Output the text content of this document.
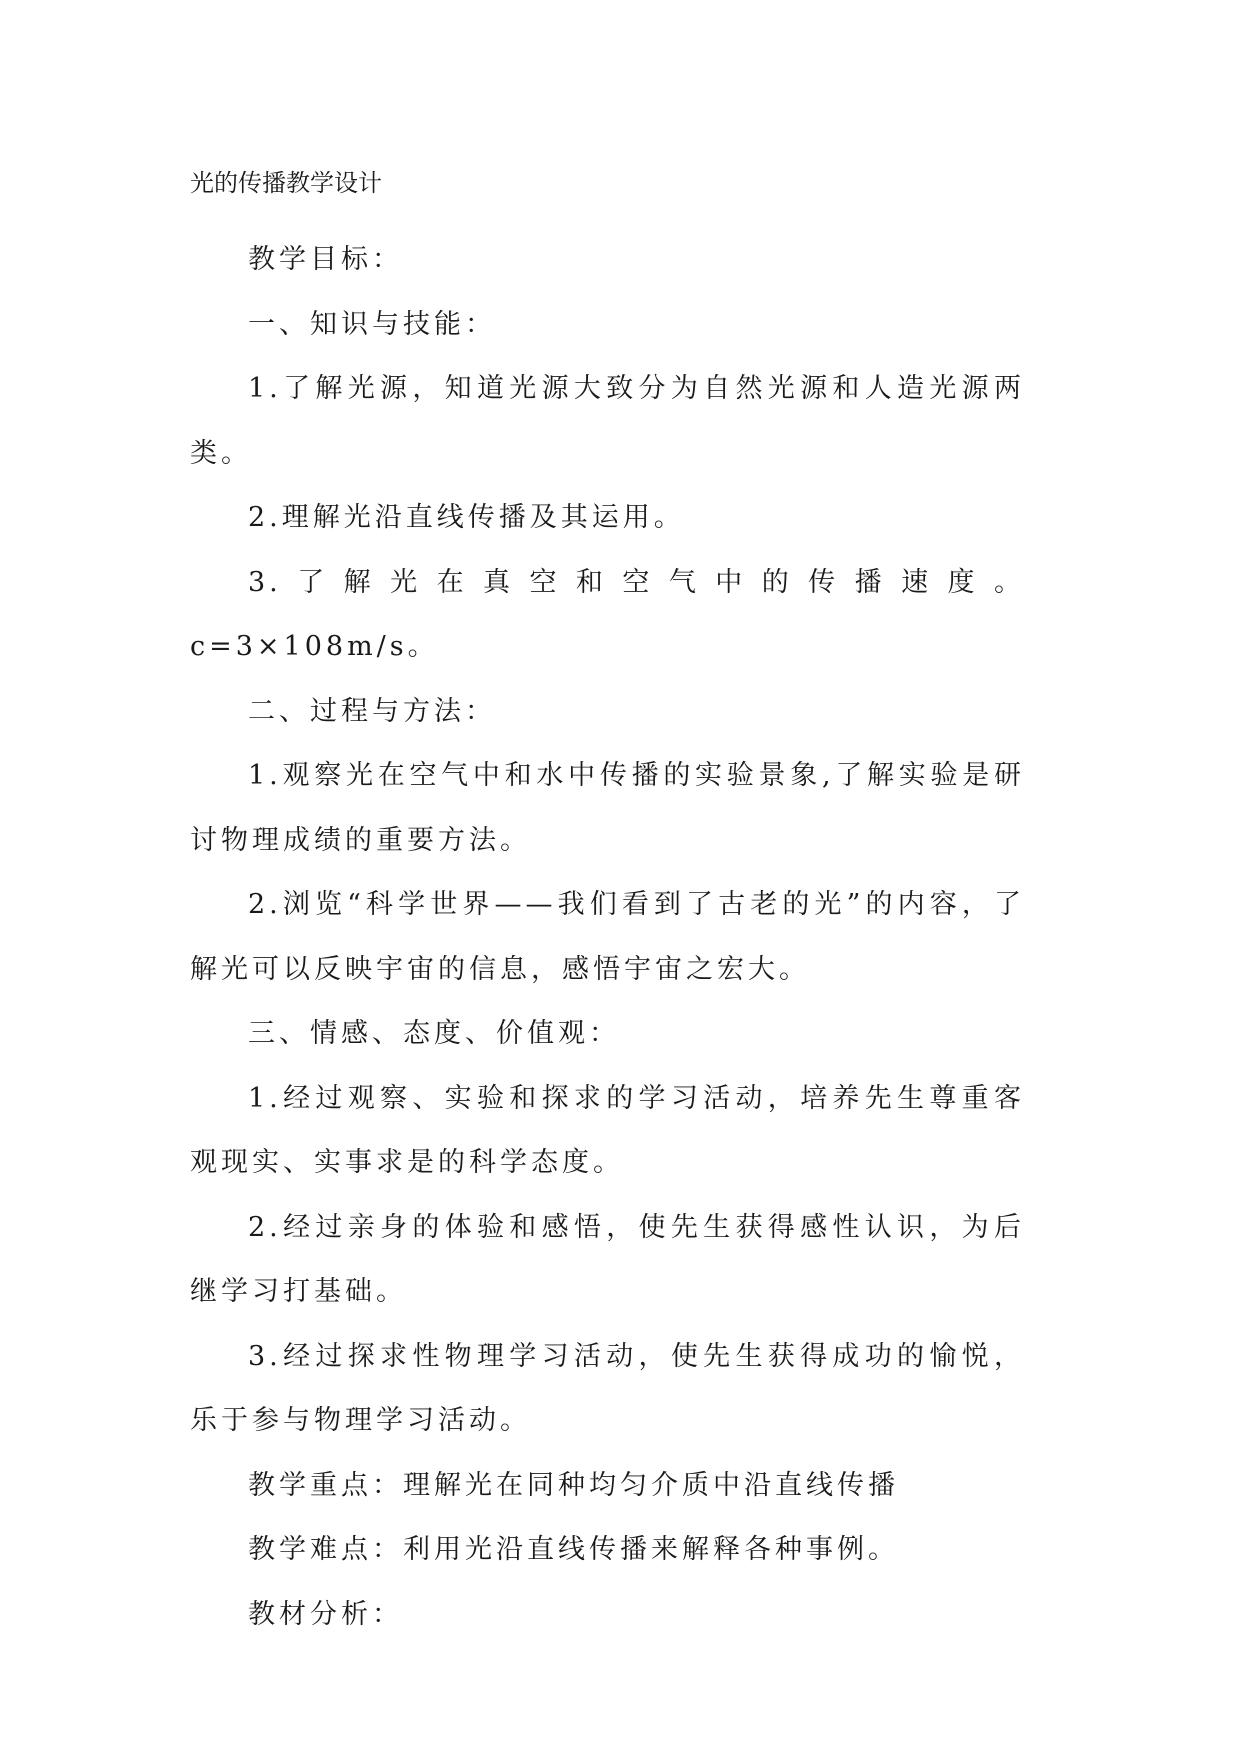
光的传播教学设计

教学目标：

一、知识与技能：

1.了解光源，知道光源大致分为自然光源和人造光源两类。

2.理解光沿直线传播及其运用。

3.了解光在真空和空气中的传播速度。c=3×108m/s。

二、过程与方法：

1.观察光在空气中和水中传播的实验景象,了解实验是研讨物理成绩的重要方法。

2.浏览“科学世界——我们看到了古老的光”的内容，了解光可以反映宇宙的信息，感悟宇宙之宏大。

三、情感、态度、价值观：

1.经过观察、实验和探求的学习活动，培养先生尊重客观现实、实事求是的科学态度。

2.经过亲身的体验和感悟，使先生获得感性认识，为后继学习打基础。

3.经过探求性物理学习活动，使先生获得成功的愉悦，乐于参与物理学习活动。

教学重点：理解光在同种均匀介质中沿直线传播

教学难点：利用光沿直线传播来解释各种事例。

教材分析：
